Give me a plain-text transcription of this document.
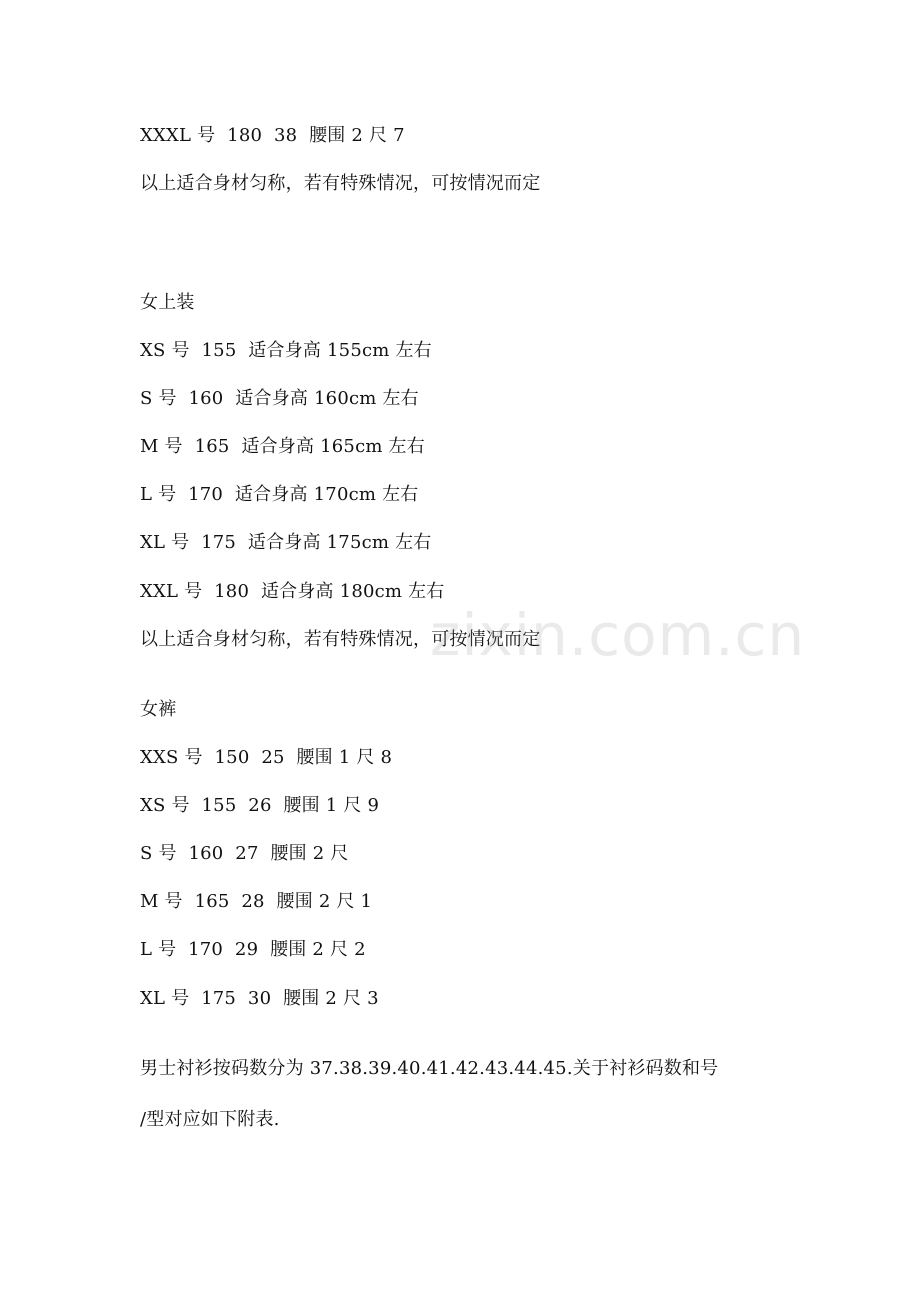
XXXL 号  180  38  腰围 2 尺 7
以上适合身材匀称，若有特殊情况，可按情况而定
女上装
XS 号  155  适合身高 155cm 左右
S 号  160  适合身高 160cm 左右
M 号  165  适合身高 165cm 左右
L 号  170  适合身高 170cm 左右
XL 号  175  适合身高 175cm 左右
XXL 号  180  适合身高 180cm 左右
以上适合身材匀称，若有特殊情况，可按情况而定
女裤
XXS 号  150  25  腰围 1 尺 8
XS 号  155  26  腰围 1 尺 9
S 号  160  27  腰围 2 尺
M 号  165  28  腰围 2 尺 1
L 号  170  29  腰围 2 尺 2
XL 号  175  30  腰围 2 尺 3
男士衬衫按码数分为 37.38.39.40.41.42.43.44.45.关于衬衫码数和号
/型对应如下附表.
zixin.com.cn
